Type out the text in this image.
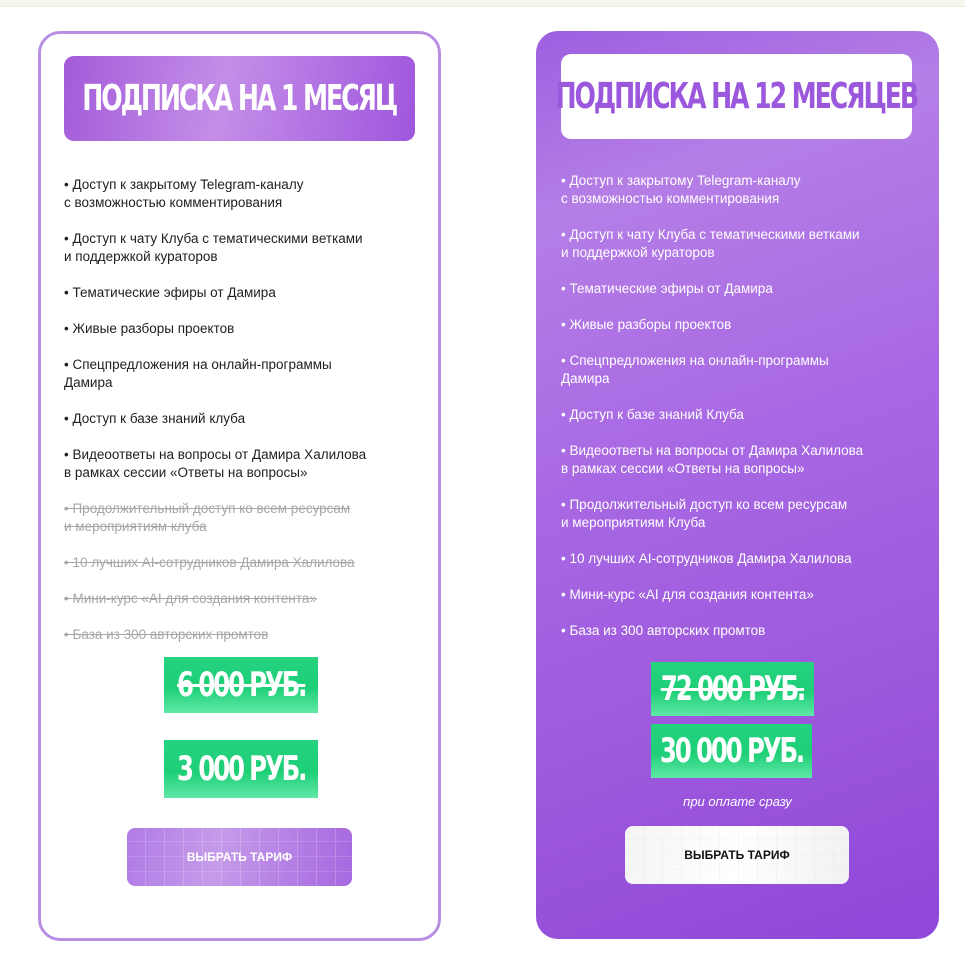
ПОДПИСКА НА 1 МЕСЯЦ
• Доступ к закрытому Telegram-каналу
с возможностью комментирования
• Доступ к чату Клуба с тематическими ветками
и поддержкой кураторов
• Тематические эфиры от Дамира
• Живые разборы проектов
• Спецпредложения на онлайн-программы
Дамира
• Доступ к базе знаний клуба
• Видеоответы на вопросы от Дамира Халилова
в рамках сессии «Ответы на вопросы»
• Продолжительный доступ ко всем ресурсам
и мероприятиям клуба
• 10 лучших AI-сотрудников Дамира Халилова
• Мини-курс «AI для создания контента»
• База из 300 авторских промтов
6 000 РУБ.
3 000 РУБ.
ВЫБРАТЬ ТАРИФ
ПОДПИСКА НА 12 МЕСЯЦЕВ
• Доступ к закрытому Telegram-каналу
с возможностью комментирования
• Доступ к чату Клуба с тематическими ветками
и поддержкой кураторов
• Тематические эфиры от Дамира
• Живые разборы проектов
• Спецпредложения на онлайн-программы
Дамира
• Доступ к базе знаний Клуба
• Видеоответы на вопросы от Дамира Халилова
в рамках сессии «Ответы на вопросы»
• Продолжительный доступ ко всем ресурсам
и мероприятиям Клуба
• 10 лучших AI-сотрудников Дамира Халилова
• Мини-курс «AI для создания контента»
• База из 300 авторских промтов
72 000 РУБ.
30 000 РУБ.
при оплате сразу
ВЫБРАТЬ ТАРИФ
